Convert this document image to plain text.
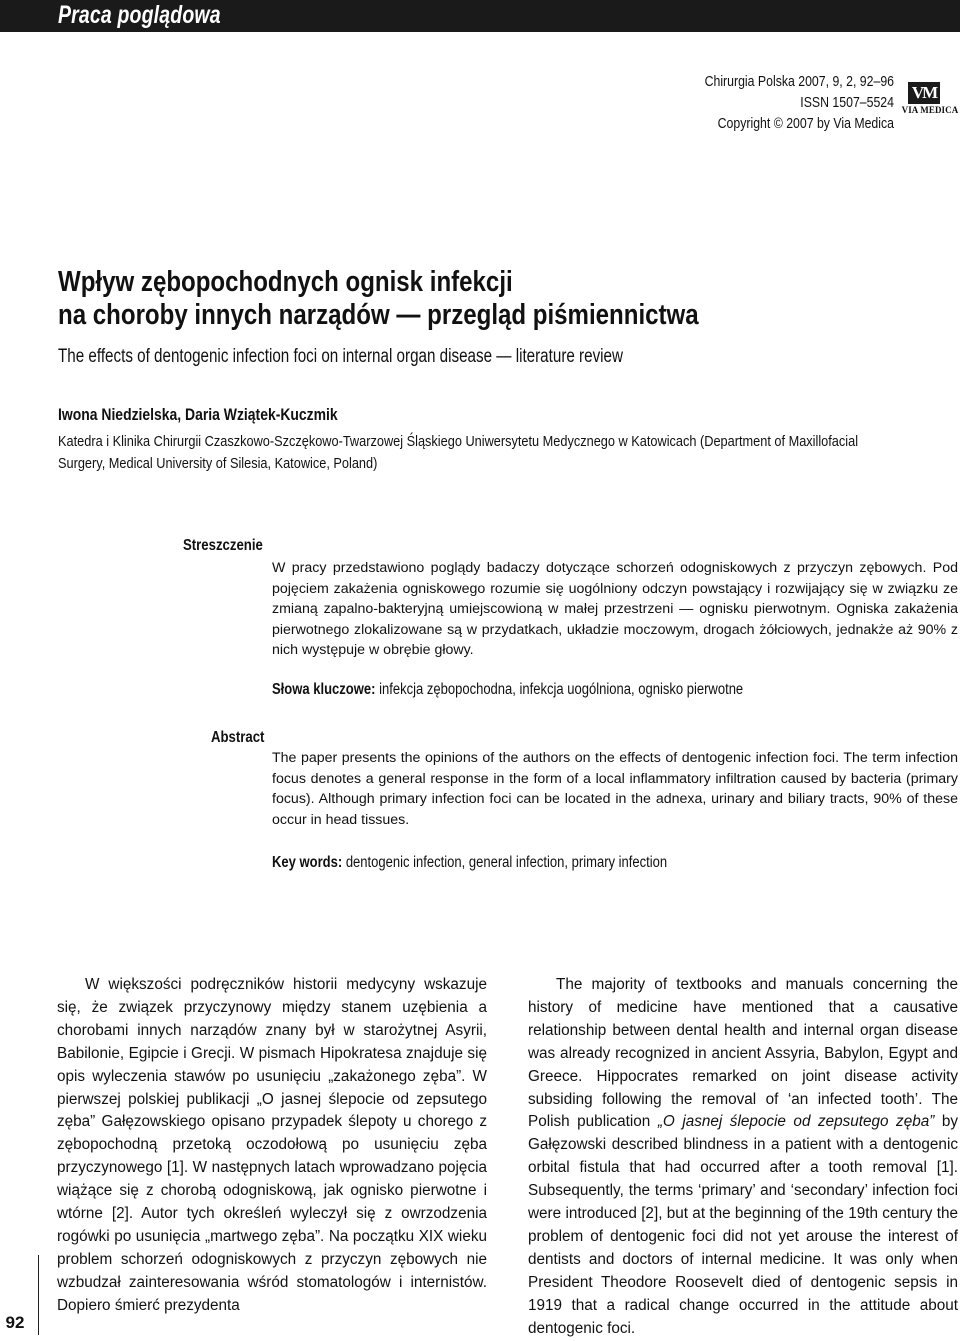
Praca poglądowa
Chirurgia Polska 2007, 9, 2, 92–96
ISSN 1507–5524
Copyright © 2007 by Via Medica
VM
VIA MEDICA
Wpływ zębopochodnych ognisk infekcji
na choroby innych narządów — przegląd piśmiennictwa
The effects of dentogenic infection foci on internal organ disease — literature review
Iwona Niedzielska, Daria Wziątek-Kuczmik
Katedra i Klinika Chirurgii Czaszkowo-Szczękowo-Twarzowej Śląskiego Uniwersytetu Medycznego w Katowicach (Department of Maxillofacial
Surgery, Medical University of Silesia, Katowice, Poland)
Streszczenie
W pracy przedstawiono poglądy badaczy dotyczące schorzeń odogniskowych z przyczyn zębowych. Pod pojęciem zakażenia ogniskowego rozumie się uogólniony odczyn powstający i rozwijający się w związku ze zmianą zapalno-bakteryjną umiejscowioną w małej przestrzeni — ognisku pierwotnym. Ogniska zakażenia pierwotnego zlokalizowane są w przydatkach, układzie moczowym, drogach żółciowych, jednakże aż 90% z nich występuje w obrębie głowy.
Słowa kluczowe: infekcja zębopochodna, infekcja uogólniona, ognisko pierwotne
Abstract
The paper presents the opinions of the authors on the effects of dentogenic infection foci. The term infection focus denotes a general response in the form of a local inflammatory infiltration caused by bacteria (primary focus). Although primary infection foci can be located in the adnexa, urinary and biliary tracts, 90% of these occur in head tissues.
Key words: dentogenic infection, general infection, primary infection

W większości podręczników historii medycyny wskazuje się, że związek przyczynowy między stanem uzębienia a chorobami innych narządów znany był w starożytnej Asyrii, Babilonie, Egipcie i Grecji. W pismach Hipokratesa znajduje się opis wyleczenia stawów po usunięciu „zakażonego zęba”. W pierwszej polskiej publikacji „O jasnej ślepocie od zepsutego zęba” Gałęzowskiego opisano przypadek ślepoty u chorego z zębopochodną przetoką oczodołową po usunięciu zęba przyczynowego [1]. W następnych latach wprowadzano pojęcia wiążące się z chorobą odogniskową, jak ognisko pierwotne i wtórne [2]. Autor tych określeń wyleczył się z owrzodzenia rogówki po usunięcia „martwego zęba”. Na początku XIX wieku problem schorzeń odogniskowych z przyczyn zębowych nie wzbudzał zainteresowania wśród stomatologów i internistów. Dopiero śmierć prezydenta

The majority of textbooks and manuals concerning the history of medicine have mentioned that a causative relationship between dental health and internal organ disease was already recognized in ancient Assyria, Babylon, Egypt and Greece. Hippocrates remarked on joint disease activity subsiding following the removal of ‘an infected tooth’. The Polish publication „O jasnej ślepocie od zepsutego zęba” by Gałęzowski described blindness in a patient with a dentogenic orbital fistula that had occurred after a tooth removal [1]. Subsequently, the terms ‘primary’ and ‘secondary’ infection foci were introduced [2], but at the beginning of the 19th century the problem of dentogenic foci did not yet arouse the interest of dentists and doctors of internal medicine. It was only when President Theodore Roosevelt died of dentogenic sepsis in 1919 that a radical change occurred in the attitude about dentogenic foci.

92
